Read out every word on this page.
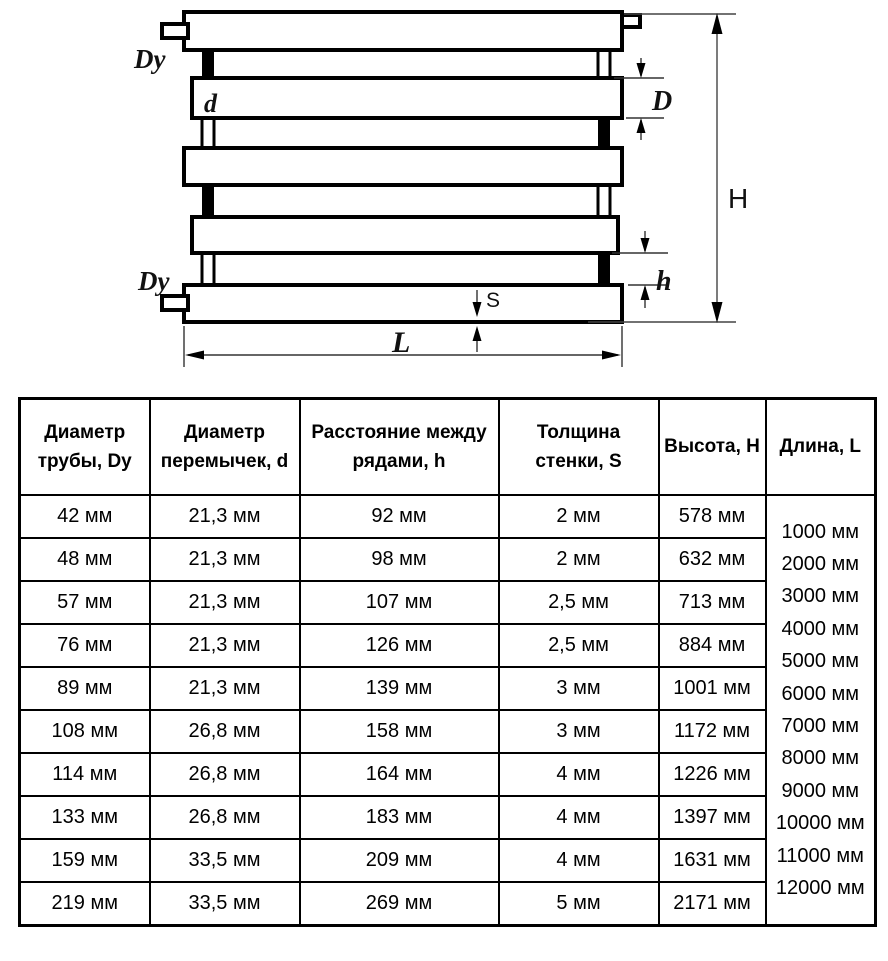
H
D
h
S
L
Dy
d
Dy
Диаметр трубы, Dy	Диаметр перемычек, d	Расстояние между рядами, h	Толщина стенки, S	Высота, H	Длина, L
42 мм	21,3 мм	92 мм	2 мм	578 мм	
1000 мм
2000 мм
3000 мм
4000 мм
5000 мм
6000 мм
7000 мм
8000 мм
9000 мм
10000 мм
11000 мм
12000 мм

48 мм	21,3 мм	98 мм	2 мм	632 мм	
57 мм	21,3 мм	107 мм	2,5 мм	713 мм	
76 мм	21,3 мм	126 мм	2,5 мм	884 мм	
89 мм	21,3 мм	139 мм	3 мм	1001 мм	
108 мм	26,8 мм	158 мм	3 мм	1172 мм	
114 мм	26,8 мм	164 мм	4 мм	1226 мм	
133 мм	26,8 мм	183 мм	4 мм	1397 мм	
159 мм	33,5 мм	209 мм	4 мм	1631 мм	
219 мм	33,5 мм	269 мм	5 мм	2171 мм	
